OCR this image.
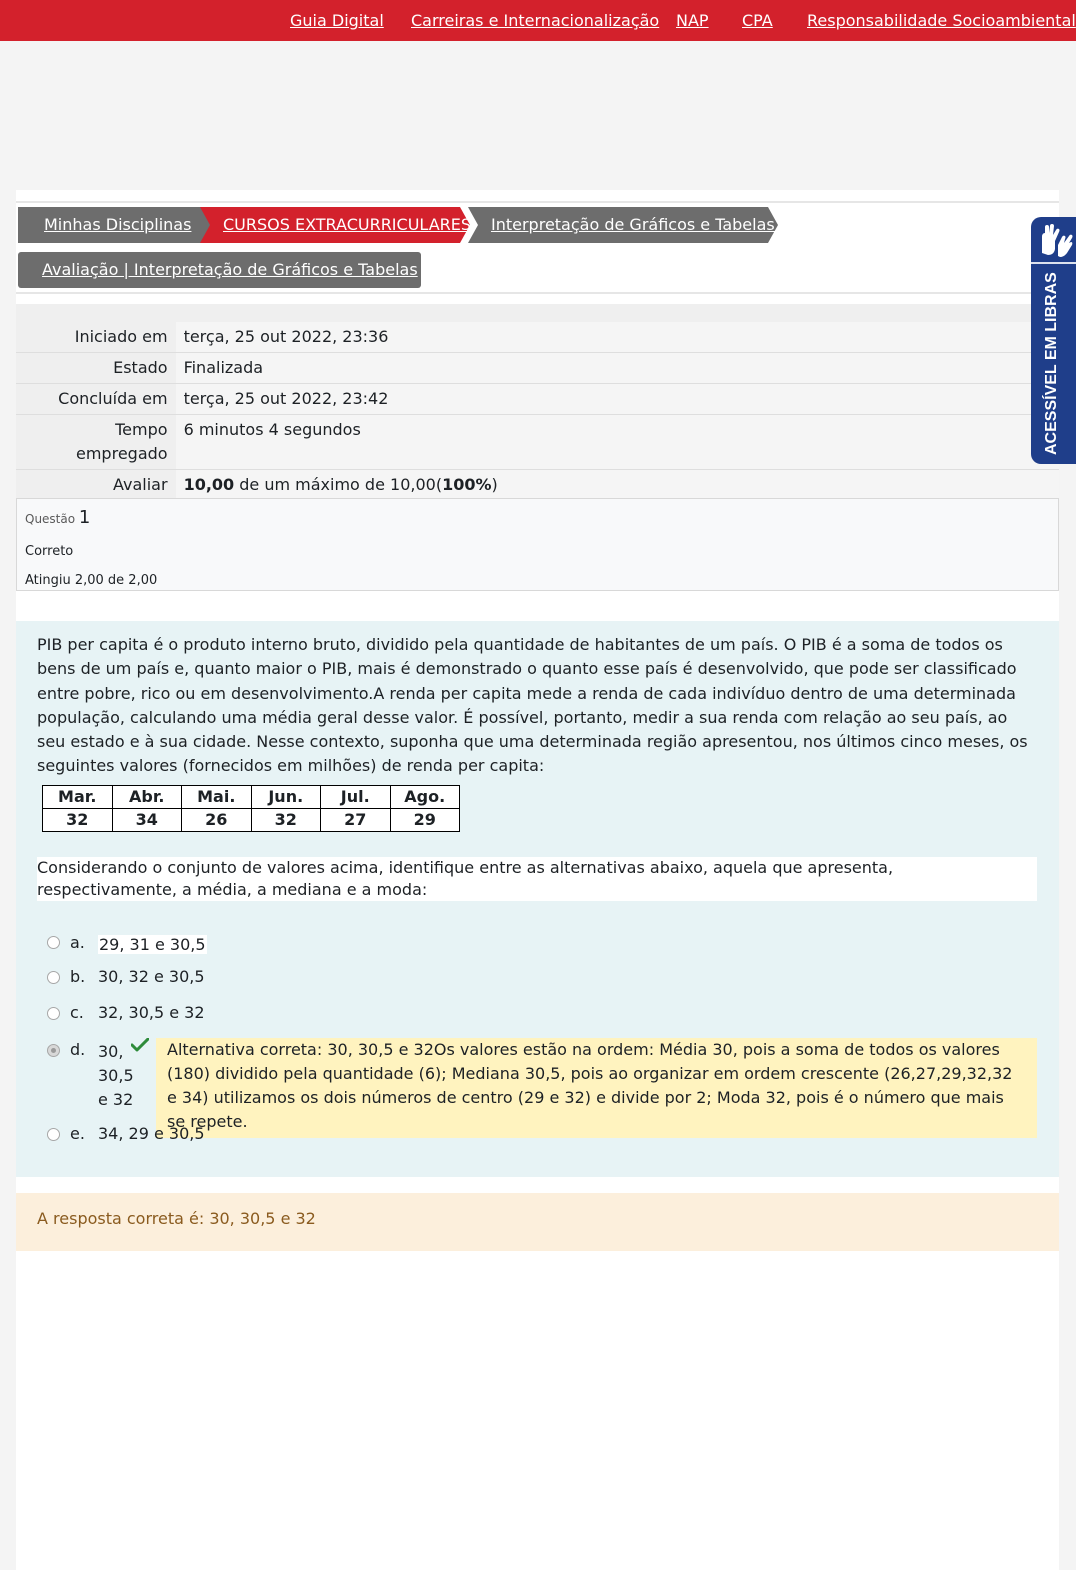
Guia Digital Carreiras e Internacionalização NAP CPA Responsabilidade Socioambiental
Minhas Disciplinas CURSOS EXTRACURRICULARES Interpretação de Gráficos e Tabelas
Avaliação | Interpretação de Gráficos e Tabelas
Iniciado em	terça, 25 out 2022, 23:36
Estado	Finalizada
Concluída em	terça, 25 out 2022, 23:42
Tempo empregado	6 minutos 4 segundos
Avaliar	10,00 de um máximo de 10,00(100%)
Questão 1
Correto
Atingiu 2,00 de 2,00

PIB per capita é o produto interno bruto, dividido pela quantidade de habitantes de um país. O PIB é a soma de todos os bens de um país e, quanto maior o PIB, mais é demonstrado o quanto esse país é desenvolvido, que pode ser classificado entre pobre, rico ou em desenvolvimento.A renda per capita mede a renda de cada indivíduo dentro de uma determinada população, calculando uma média geral desse valor. É possível, portanto, medir a sua renda com relação ao seu país, ao seu estado e à sua cidade. Nesse contexto, suponha que uma determinada região apresentou, nos últimos cinco meses, os seguintes valores (fornecidos em milhões) de renda per capita:

Mar.	Abr.	Mai.	Jun.	Jul.	Ago.
32	34	26	32	27	29

Considerando o conjunto de valores acima, identifique entre as alternativas abaixo, aquela que apresenta, respectivamente, a média, a mediana e a moda:

a. 29, 31 e 30,5
b. 30, 32 e 30,5
c. 32, 30,5 e 32
d. 30,
30,5
e 32
Alternativa correta: 30, 30,5 e 32Os valores estão na ordem: Média 30, pois a soma de todos os valores (180) dividido pela quantidade (6); Mediana 30,5, pois ao organizar em ordem crescente (26,27,29,32,32 e 34) utilizamos os dois números de centro (29 e 32) e divide por 2; Moda 32, pois é o número que mais se repete.
e. 34, 29 e 30,5
A resposta correta é: 30, 30,5 e 32
ACESSÍVEL EM LIBRAS
